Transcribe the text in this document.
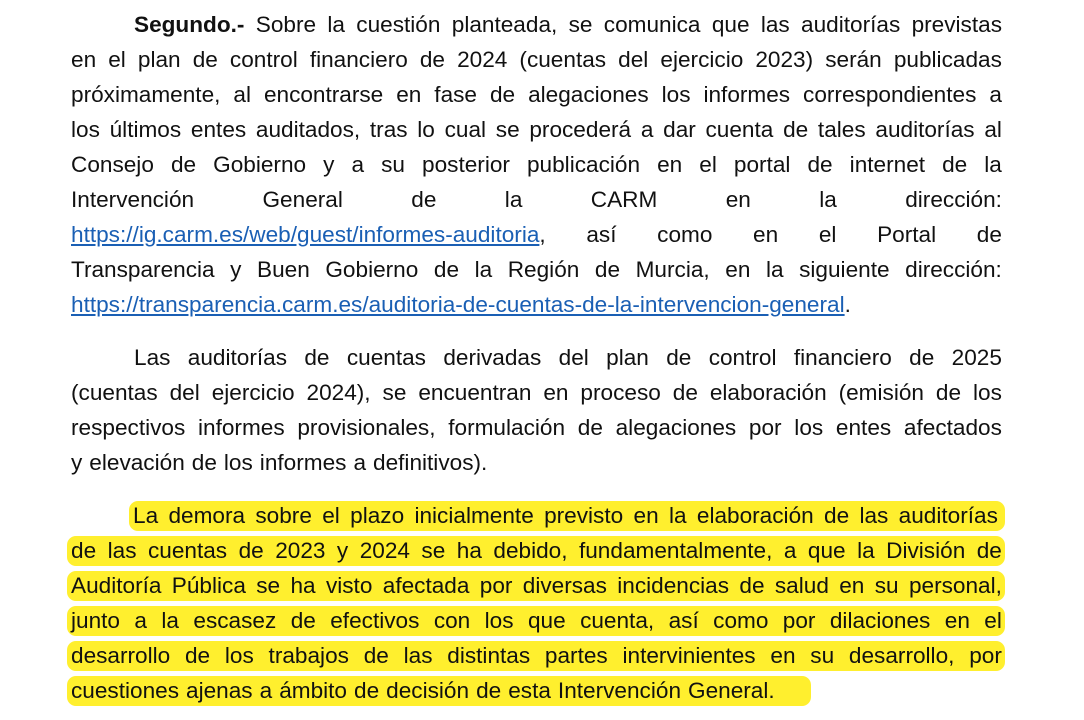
Segundo.- Sobre la cuestión planteada, se comunica que las auditorías previstas
en el plan de control financiero de 2024 (cuentas del ejercicio 2023) serán publicadas
próximamente, al encontrarse en fase de alegaciones los informes correspondientes a
los últimos entes auditados, tras lo cual se procederá a dar cuenta de tales auditorías al
Consejo de Gobierno y a su posterior publicación en el portal de internet de la
Intervención	General	de	la	CARM	en	la	dirección:
https://ig.carm.es/web/guest/informes-auditoria, así como en el Portal de
Transparencia y Buen Gobierno de la Región de Murcia, en la siguiente dirección:
https://transparencia.carm.es/auditoria-de-cuentas-de-la-intervencion-general.
Las auditorías de cuentas derivadas del plan de control financiero de 2025
(cuentas del ejercicio 2024), se encuentran en proceso de elaboración (emisión de los
respectivos informes provisionales, formulación de alegaciones por los entes afectados
y elevación de los informes a definitivos).
La demora sobre el plazo inicialmente previsto en la elaboración de las auditorías
de las cuentas de 2023 y 2024 se ha debido, fundamentalmente, a que la División de
Auditoría Pública se ha visto afectada por diversas incidencias de salud en su personal,
junto a la escasez de efectivos con los que cuenta, así como por dilaciones en el
desarrollo de los trabajos de las distintas partes intervinientes en su desarrollo, por
cuestiones ajenas a ámbito de decisión de esta Intervención General.
